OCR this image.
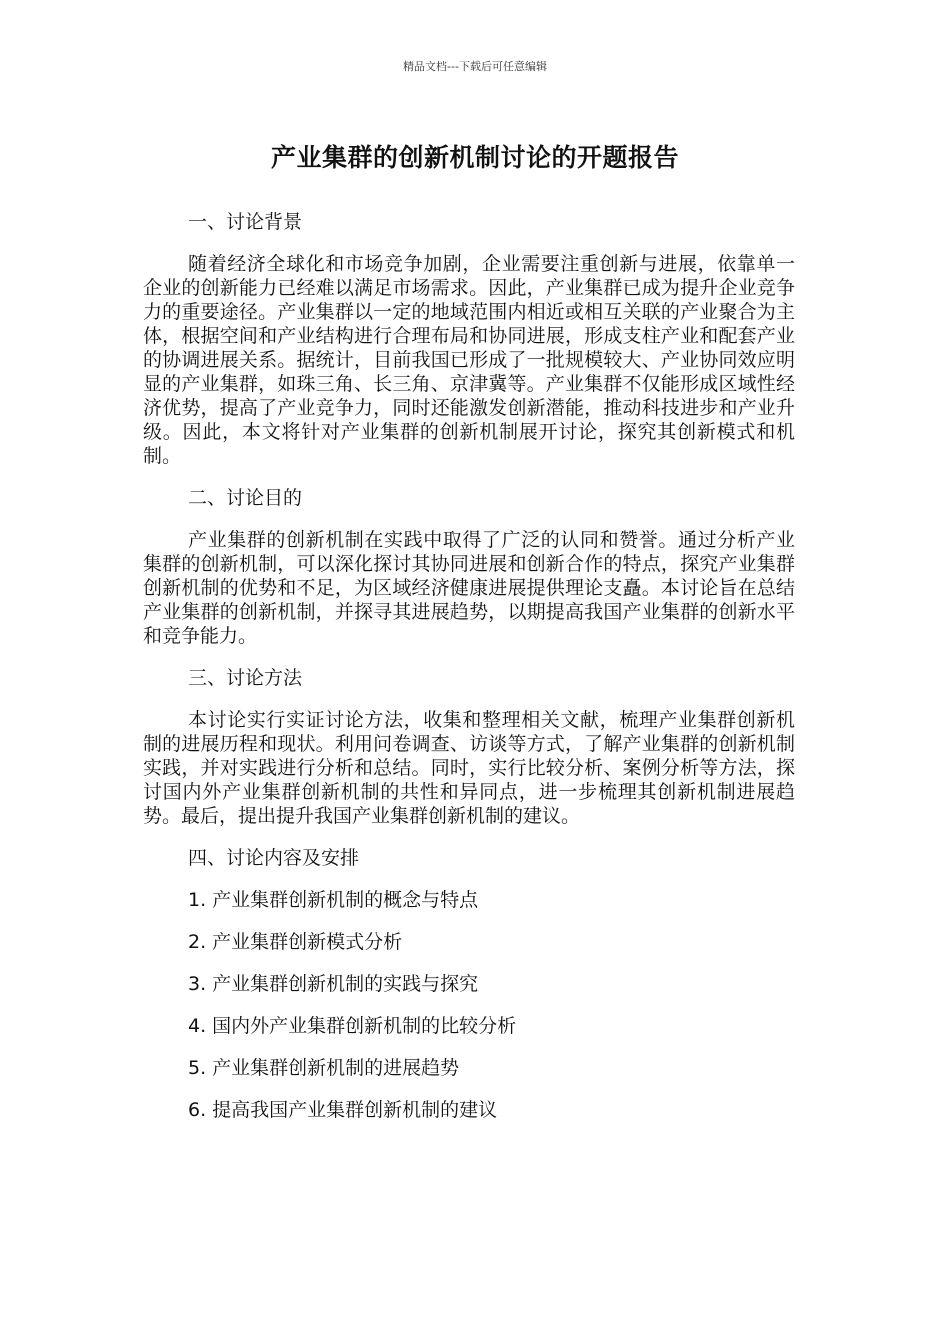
精品文档---下载后可任意编辑
产业集群的创新机制讨论的开题报告
一、讨论背景

随着经济全球化和市场竞争加剧，企业需要注重创新与进展，依靠单一企业的创新能力已经难以满足市场需求。因此，产业集群已成为提升企业竞争力的重要途径。产业集群以一定的地域范围内相近或相互关联的产业聚合为主体，根据空间和产业结构进行合理布局和协同进展，形成支柱产业和配套产业的协调进展关系。据统计，目前我国已形成了一批规模较大、产业协同效应明显的产业集群，如珠三角、长三角、京津冀等。产业集群不仅能形成区域性经济优势，提高了产业竞争力，同时还能激发创新潜能，推动科技进步和产业升级。因此，本文将针对产业集群的创新机制展开讨论，探究其创新模式和机制。

二、讨论目的

产业集群的创新机制在实践中取得了广泛的认同和赞誉。通过分析产业集群的创新机制，可以深化探讨其协同进展和创新合作的特点，探究产业集群创新机制的优势和不足，为区域经济健康进展提供理论支矗。本讨论旨在总结产业集群的创新机制，并探寻其进展趋势，以期提高我国产业集群的创新水平和竞争能力。

三、讨论方法

本讨论实行实证讨论方法，收集和整理相关文献，梳理产业集群创新机制的进展历程和现状。利用问卷调查、访谈等方式，了解产业集群的创新机制实践，并对实践进行分析和总结。同时，实行比较分析、案例分析等方法，探讨国内外产业集群创新机制的共性和异同点，进一步梳理其创新机制进展趋势。最后，提出提升我国产业集群创新机制的建议。

四、讨论内容及安排
1. 产业集群创新机制的概念与特点
2. 产业集群创新模式分析
3. 产业集群创新机制的实践与探究
4. 国内外产业集群创新机制的比较分析
5. 产业集群创新机制的进展趋势
6. 提高我国产业集群创新机制的建议
